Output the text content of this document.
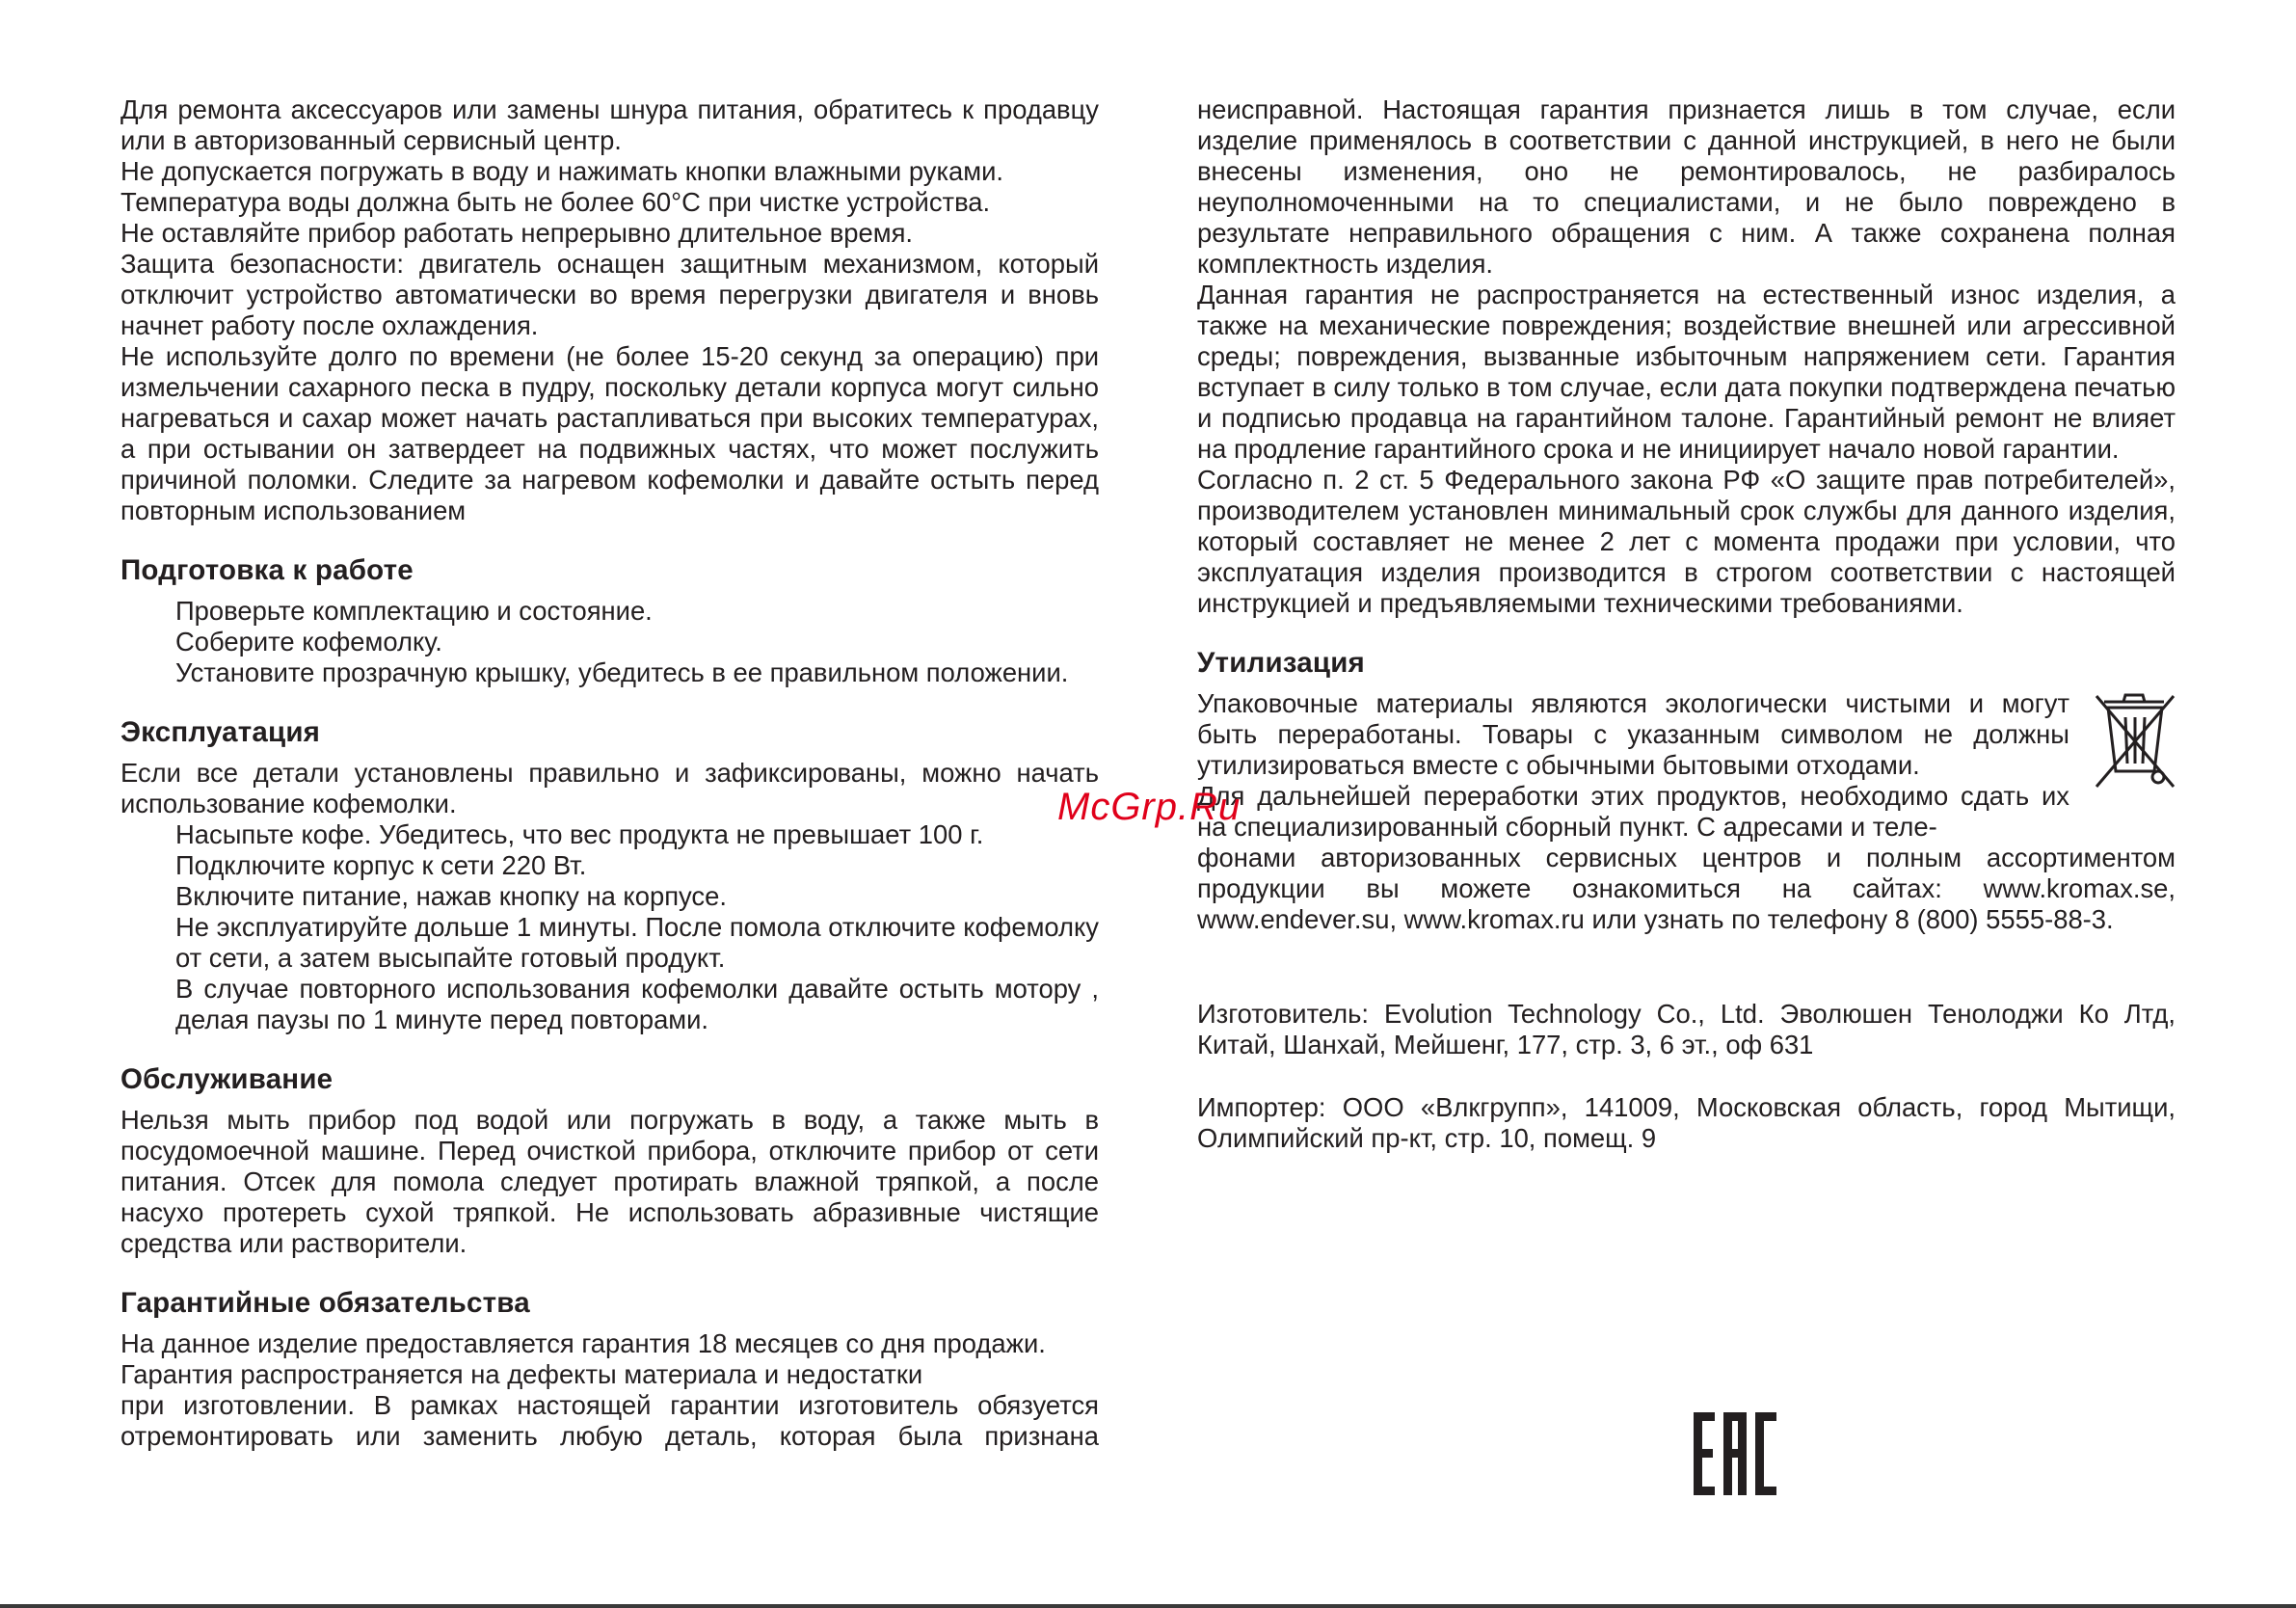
Для ремонта аксессуаров или замены шнура питания, обратитесь к продавцу или в авторизованный сервисный центр.

Не допускается погружать в воду и нажимать кнопки влажными руками.

Температура воды должна быть не более 60°С при чистке устройства.

Не оставляйте прибор работать непрерывно длительное время.

Защита безопасности: двигатель оснащен защитным механизмом, который отключит устройство автоматически во время перегрузки двигателя и вновь начнет работу после охлаждения.

Не используйте долго по времени (не более 15-20 секунд за операцию) при измельчении сахарного песка в пудру, поскольку детали корпуса могут сильно нагреваться и сахар может начать растапливаться при высоких температурах, а при остывании он затвердеет на подвижных частях, что может послужить причиной поломки. Следите за нагревом кофемолки и давайте остыть перед повторным использованием

Подготовка к работе

Проверьте комплектацию и состояние.

Соберите кофемолку.

Установите прозрачную крышку, убедитесь в ее правильном положении.

Эксплуатация

Если все детали установлены правильно и зафиксированы, можно начать использование кофемолки.

Насыпьте кофе. Убедитесь, что вес продукта не превышает 100 г.

Подключите корпус к сети 220 Вт.

Включите питание, нажав кнопку на корпусе.

Не эксплуатируйте дольше 1 минуты. После помола отключите кофемолку от сети, а затем высыпайте готовый продукт.

В случае повторного использования кофемолки давайте остыть мотору , делая паузы по 1 минуте перед повторами.

Обслуживание

Нельзя мыть прибор под водой или погружать в воду, а также мыть в посудомоечной машине. Перед очисткой прибора, отключите прибор от сети питания. Отсек для помола следует протирать влажной тряпкой, а после насухо протереть сухой тряпкой. Не использовать абразивные чистящие средства или растворители.

Гарантийные обязательства

На данное изделие предоставляется гарантия 18 месяцев со дня продажи.

Гарантия распространяется на дефекты материала и недостатки

при изготовлении. В рамках настоящей гарантии изготовитель обязуется отремонтировать или заменить любую деталь, которая была признана

неисправной. Настоящая гарантия признается лишь в том случае, если изделие применялось в соответствии с данной инструкцией, в него не были внесены изменения, оно не ремонтировалось, не разбиралось неуполномоченными на то специалистами, и не было повреждено в результате неправильного обращения с ним. А также сохранена полная комплектность изделия.

Данная гарантия не распространяется на естественный износ изделия, а также на механические повреждения; воздействие внешней или агрессивной среды; повреждения, вызванные избыточным напряжением сети. Гарантия вступает в силу только в том случае, если дата покупки подтверждена печатью и подписью продавца на гарантийном талоне. Гарантийный ремонт не влияет на продление гарантийного срока и не инициирует начало новой гарантии.

Согласно п. 2 ст. 5 Федерального закона РФ «О защите прав потребителей», производителем установлен минимальный срок службы для данного изделия, который составляет не менее 2 лет с момента продажи при условии, что эксплуатация изделия производится в строгом соответствии с настоящей инструкцией и предъявляемыми техническими требованиями.

Утилизация

Упаковочные материалы являются экологически чистыми и могут быть переработаны. Товары с указанным символом не должны утилизироваться вместе с обычными бытовыми отходами.

Для дальнейшей переработки этих продуктов, необходимо сдать их на специализированный сборный пункт. С адресами и теле-

фонами авторизованных сервисных центров и полным ассортиментом продукции вы можете ознакомиться на сайтах: www.kromax.se, www.endever.su, www.kromax.ru или узнать по телефону 8 (800) 5555-88-3.

Изготовитель: Evolution Technology Co., Ltd. Эволюшен Тенолоджи Ко Лтд, Китай, Шанхай, Мейшенг, 177, стр. 3, 6 эт., оф 631

Импортер: ООО «Влкгрупп», 141009, Московская область, город Мытищи, Олимпийский пр-кт, стр. 10, помещ. 9

McGrp.Ru
